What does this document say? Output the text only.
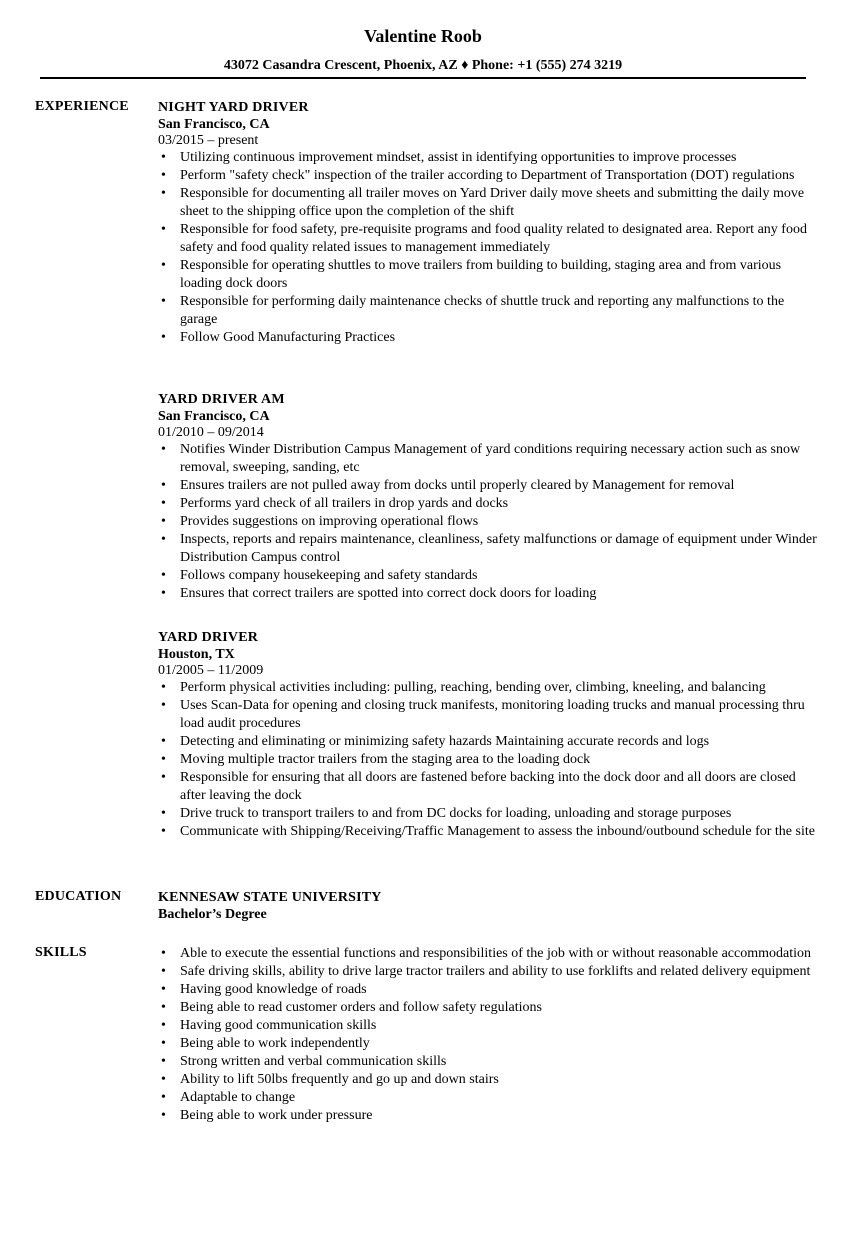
Valentine Roob
43072 Casandra Crescent, Phoenix, AZ ♦ Phone: +1 (555) 274 3219
EXPERIENCE NIGHT YARD DRIVER
San Francisco, CA
03/2015 – present
• Utilizing continuous improvement mindset, assist in identifying opportunities to improve processes
• Perform "safety check" inspection of the trailer according to Department of Transportation (DOT) regulations
• Responsible for documenting all trailer moves on Yard Driver daily move sheets and submitting the daily move sheet to the shipping office upon the completion of the shift
• Responsible for food safety, pre-requisite programs and food quality related to designated area. Report any food safety and food quality related issues to management immediately
• Responsible for operating shuttles to move trailers from building to building, staging area and from various loading dock doors
• Responsible for performing daily maintenance checks of shuttle truck and reporting any malfunctions to the garage
• Follow Good Manufacturing Practices
YARD DRIVER AM
San Francisco, CA
01/2010 – 09/2014
• Notifies Winder Distribution Campus Management of yard conditions requiring necessary action such as snow removal, sweeping, sanding, etc
• Ensures trailers are not pulled away from docks until properly cleared by Management for removal
• Performs yard check of all trailers in drop yards and docks
• Provides suggestions on improving operational flows
• Inspects, reports and repairs maintenance, cleanliness, safety malfunctions or damage of equipment under Winder Distribution Campus control
• Follows company housekeeping and safety standards
• Ensures that correct trailers are spotted into correct dock doors for loading
YARD DRIVER
Houston, TX
01/2005 – 11/2009
• Perform physical activities including: pulling, reaching, bending over, climbing, kneeling, and balancing
• Uses Scan-Data for opening and closing truck manifests, monitoring loading trucks and manual processing thru load audit procedures
• Detecting and eliminating or minimizing safety hazards Maintaining accurate records and logs
• Moving multiple tractor trailers from the staging area to the loading dock
• Responsible for ensuring that all doors are fastened before backing into the dock door and all doors are closed after leaving the dock
• Drive truck to transport trailers to and from DC docks for loading, unloading and storage purposes
• Communicate with Shipping/Receiving/Traffic Management to assess the inbound/outbound schedule for the site
EDUCATION	KENNESAW STATE UNIVERSITY
Bachelor’s Degree
SKILLS
•	Able to execute the essential functions and responsibilities of the job with or without reasonable accommodation
• Safe driving skills, ability to drive large tractor trailers and ability to use forklifts and related delivery equipment
• Having good knowledge of roads
• Being able to read customer orders and follow safety regulations
• Having good communication skills
• Being able to work independently
• Strong written and verbal communication skills
• Ability to lift 50lbs frequently and go up and down stairs
• Adaptable to change
• Being able to work under pressure
